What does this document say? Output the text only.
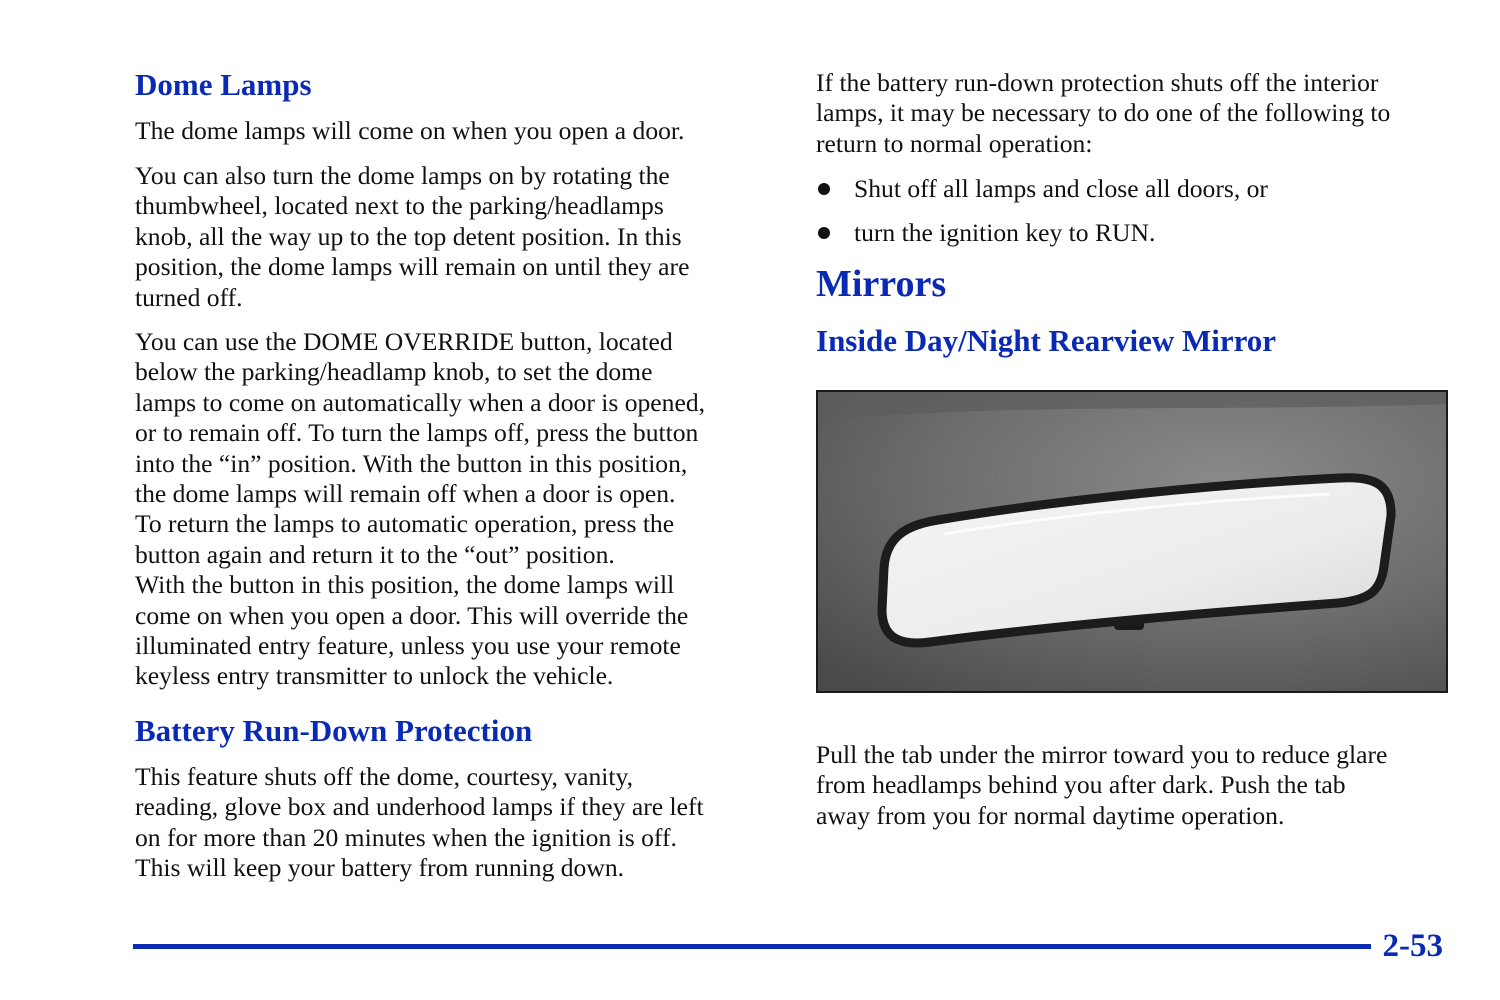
Dome Lamps

The dome lamps will come on when you open a door.

You can also turn the dome lamps on by rotating the
thumbwheel, located next to the parking/headlamps
knob, all the way up to the top detent position. In this
position, the dome lamps will remain on until they are
turned off.

You can use the DOME OVERRIDE button, located
below the parking/headlamp knob, to set the dome
lamps to come on automatically when a door is opened,
or to remain off. To turn the lamps off, press the button
into the “in” position. With the button in this position,
the dome lamps will remain off when a door is open.
To return the lamps to automatic operation, press the
button again and return it to the “out” position.
With the button in this position, the dome lamps will
come on when you open a door. This will override the
illuminated entry feature, unless you use your remote
keyless entry transmitter to unlock the vehicle.

Battery Run-Down Protection

This feature shuts off the dome, courtesy, vanity,
reading, glove box and underhood lamps if they are left
on for more than 20 minutes when the ignition is off.
This will keep your battery from running down.

If the battery run-down protection shuts off the interior
lamps, it may be necessary to do one of the following to
return to normal operation:

Shut off all lamps and close all doors, or
turn the ignition key to RUN.
Mirrors
Inside Day/Night Rearview Mirror

Pull the tab under the mirror toward you to reduce glare
from headlamps behind you after dark. Push the tab
away from you for normal daytime operation.

2-53
